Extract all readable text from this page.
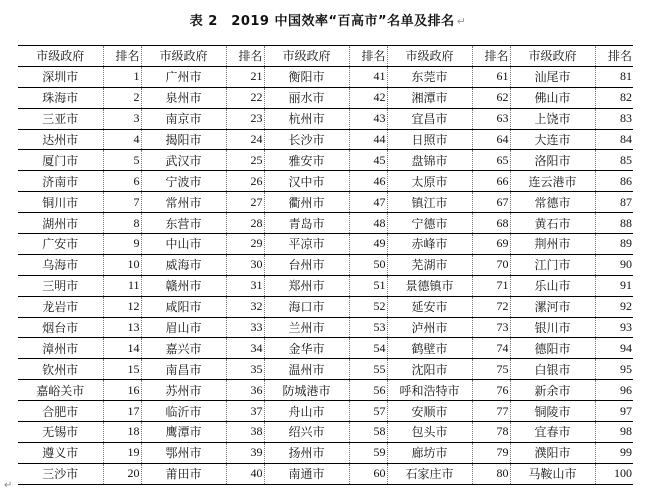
表 2　2019 中国效率“百高市”名单及排名 ↵
市级政府	排名	市级政府	排名	市级政府	排名	市级政府	排名	市级政府	排名
深圳市	1	广州市	21	衡阳市	41	东莞市	61	汕尾市	81
珠海市	2	泉州市	22	丽水市	42	湘潭市	62	佛山市	82
三亚市	3	南京市	23	杭州市	43	宜昌市	63	上饶市	83
达州市	4	揭阳市	24	长沙市	44	日照市	64	大连市	84
厦门市	5	武汉市	25	雅安市	45	盘锦市	65	洛阳市	85
济南市	6	宁波市	26	汉中市	46	太原市	66	连云港市	86
铜川市	7	常州市	27	衢州市	47	镇江市	67	常德市	87
湖州市	8	东营市	28	青岛市	48	宁德市	68	黄石市	88
广安市	9	中山市	29	平凉市	49	赤峰市	69	荆州市	89
乌海市	10	威海市	30	台州市	50	芜湖市	70	江门市	90
三明市	11	赣州市	31	郑州市	51	景德镇市	71	乐山市	91
龙岩市	12	咸阳市	32	海口市	52	延安市	72	漯河市	92
烟台市	13	眉山市	33	兰州市	53	泸州市	73	银川市	93
漳州市	14	嘉兴市	34	金华市	54	鹤壁市	74	德阳市	94
钦州市	15	南昌市	35	温州市	55	沈阳市	75	白银市	95
嘉峪关市	16	苏州市	36	防城港市	56	呼和浩特市	76	新余市	96
合肥市	17	临沂市	37	舟山市	57	安顺市	77	铜陵市	97
无锡市	18	鹰潭市	38	绍兴市	58	包头市	78	宜春市	98
遵义市	19	鄂州市	39	扬州市	59	廊坊市	79	濮阳市	99
三沙市	20	莆田市	40	南通市	60	石家庄市	80	马鞍山市	100
↵
